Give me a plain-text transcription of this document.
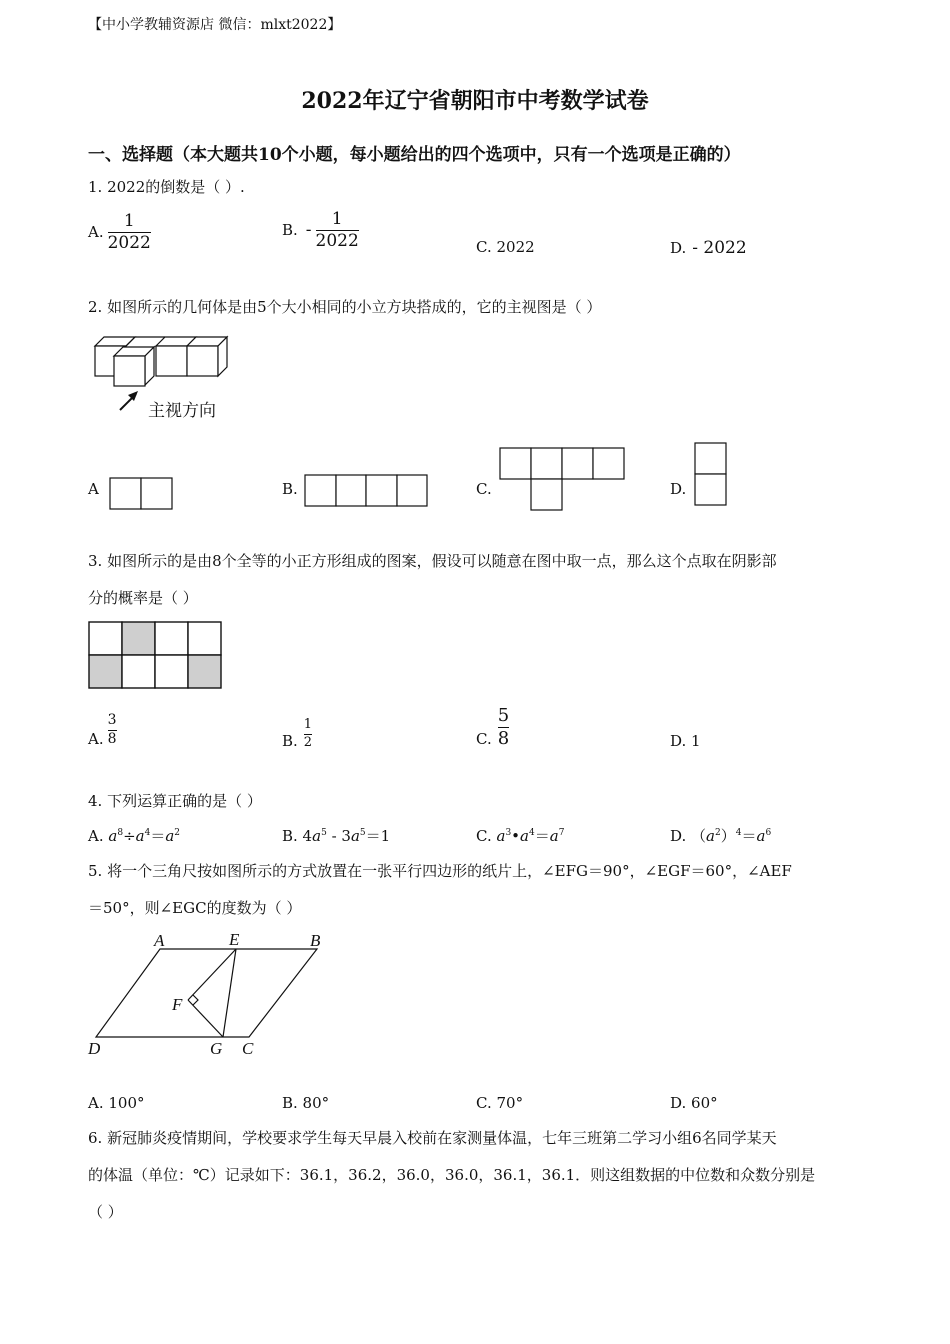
【中小学教辅资源店 微信：mlxt2022】
2022年辽宁省朝阳市中考数学试卷
一、选择题（本大题共10个小题，每小题给出的四个选项中，只有一个选项是正确的）
1. 2022的倒数是（ ）.
A. $\frac{1}{2022}$	B. - $\frac{1}{2022}$	C. 2022	D. - 2022
2. 如图所示的几何体是由5个大小相同的小立方块搭成的，它的主视图是（ ）
主视方向
A	B.	C.	D.
3. 如图所示的是由8个全等的小正方形组成的图案，假设可以随意在图中取一点，那么这个点取在阴影部
分的概率是（ ）
A. $\frac{3}{8}$	B. $\frac{1}{2}$	C. $\frac{5}{8}$	D. 1
4. 下列运算正确的是（ ）
A. $a^8\div a^4=a^2$	B. $4a^5 - 3a^5=1$	C. $a^3•a^4=a^7$	D. $(a^2)^4=a^6$
5. 将一个三角尺按如图所示的方式放置在一张平行四边形的纸片上，∠EFG＝90°，∠EGF＝60°，∠AEF
＝50°，则∠EGC的度数为（ ）
A	E	B
F
D	G C
A. 100°	B. 80°	C. 70°	D. 60°
6. 新冠肺炎疫情期间，学校要求学生每天早晨入校前在家测量体温，七年三班第二学习小组6名同学某天
的体温（单位：℃）记录如下：36.1，36.2，36.0，36.0，36.1，36.1．则这组数据的中位数和众数分别是
（ ）
